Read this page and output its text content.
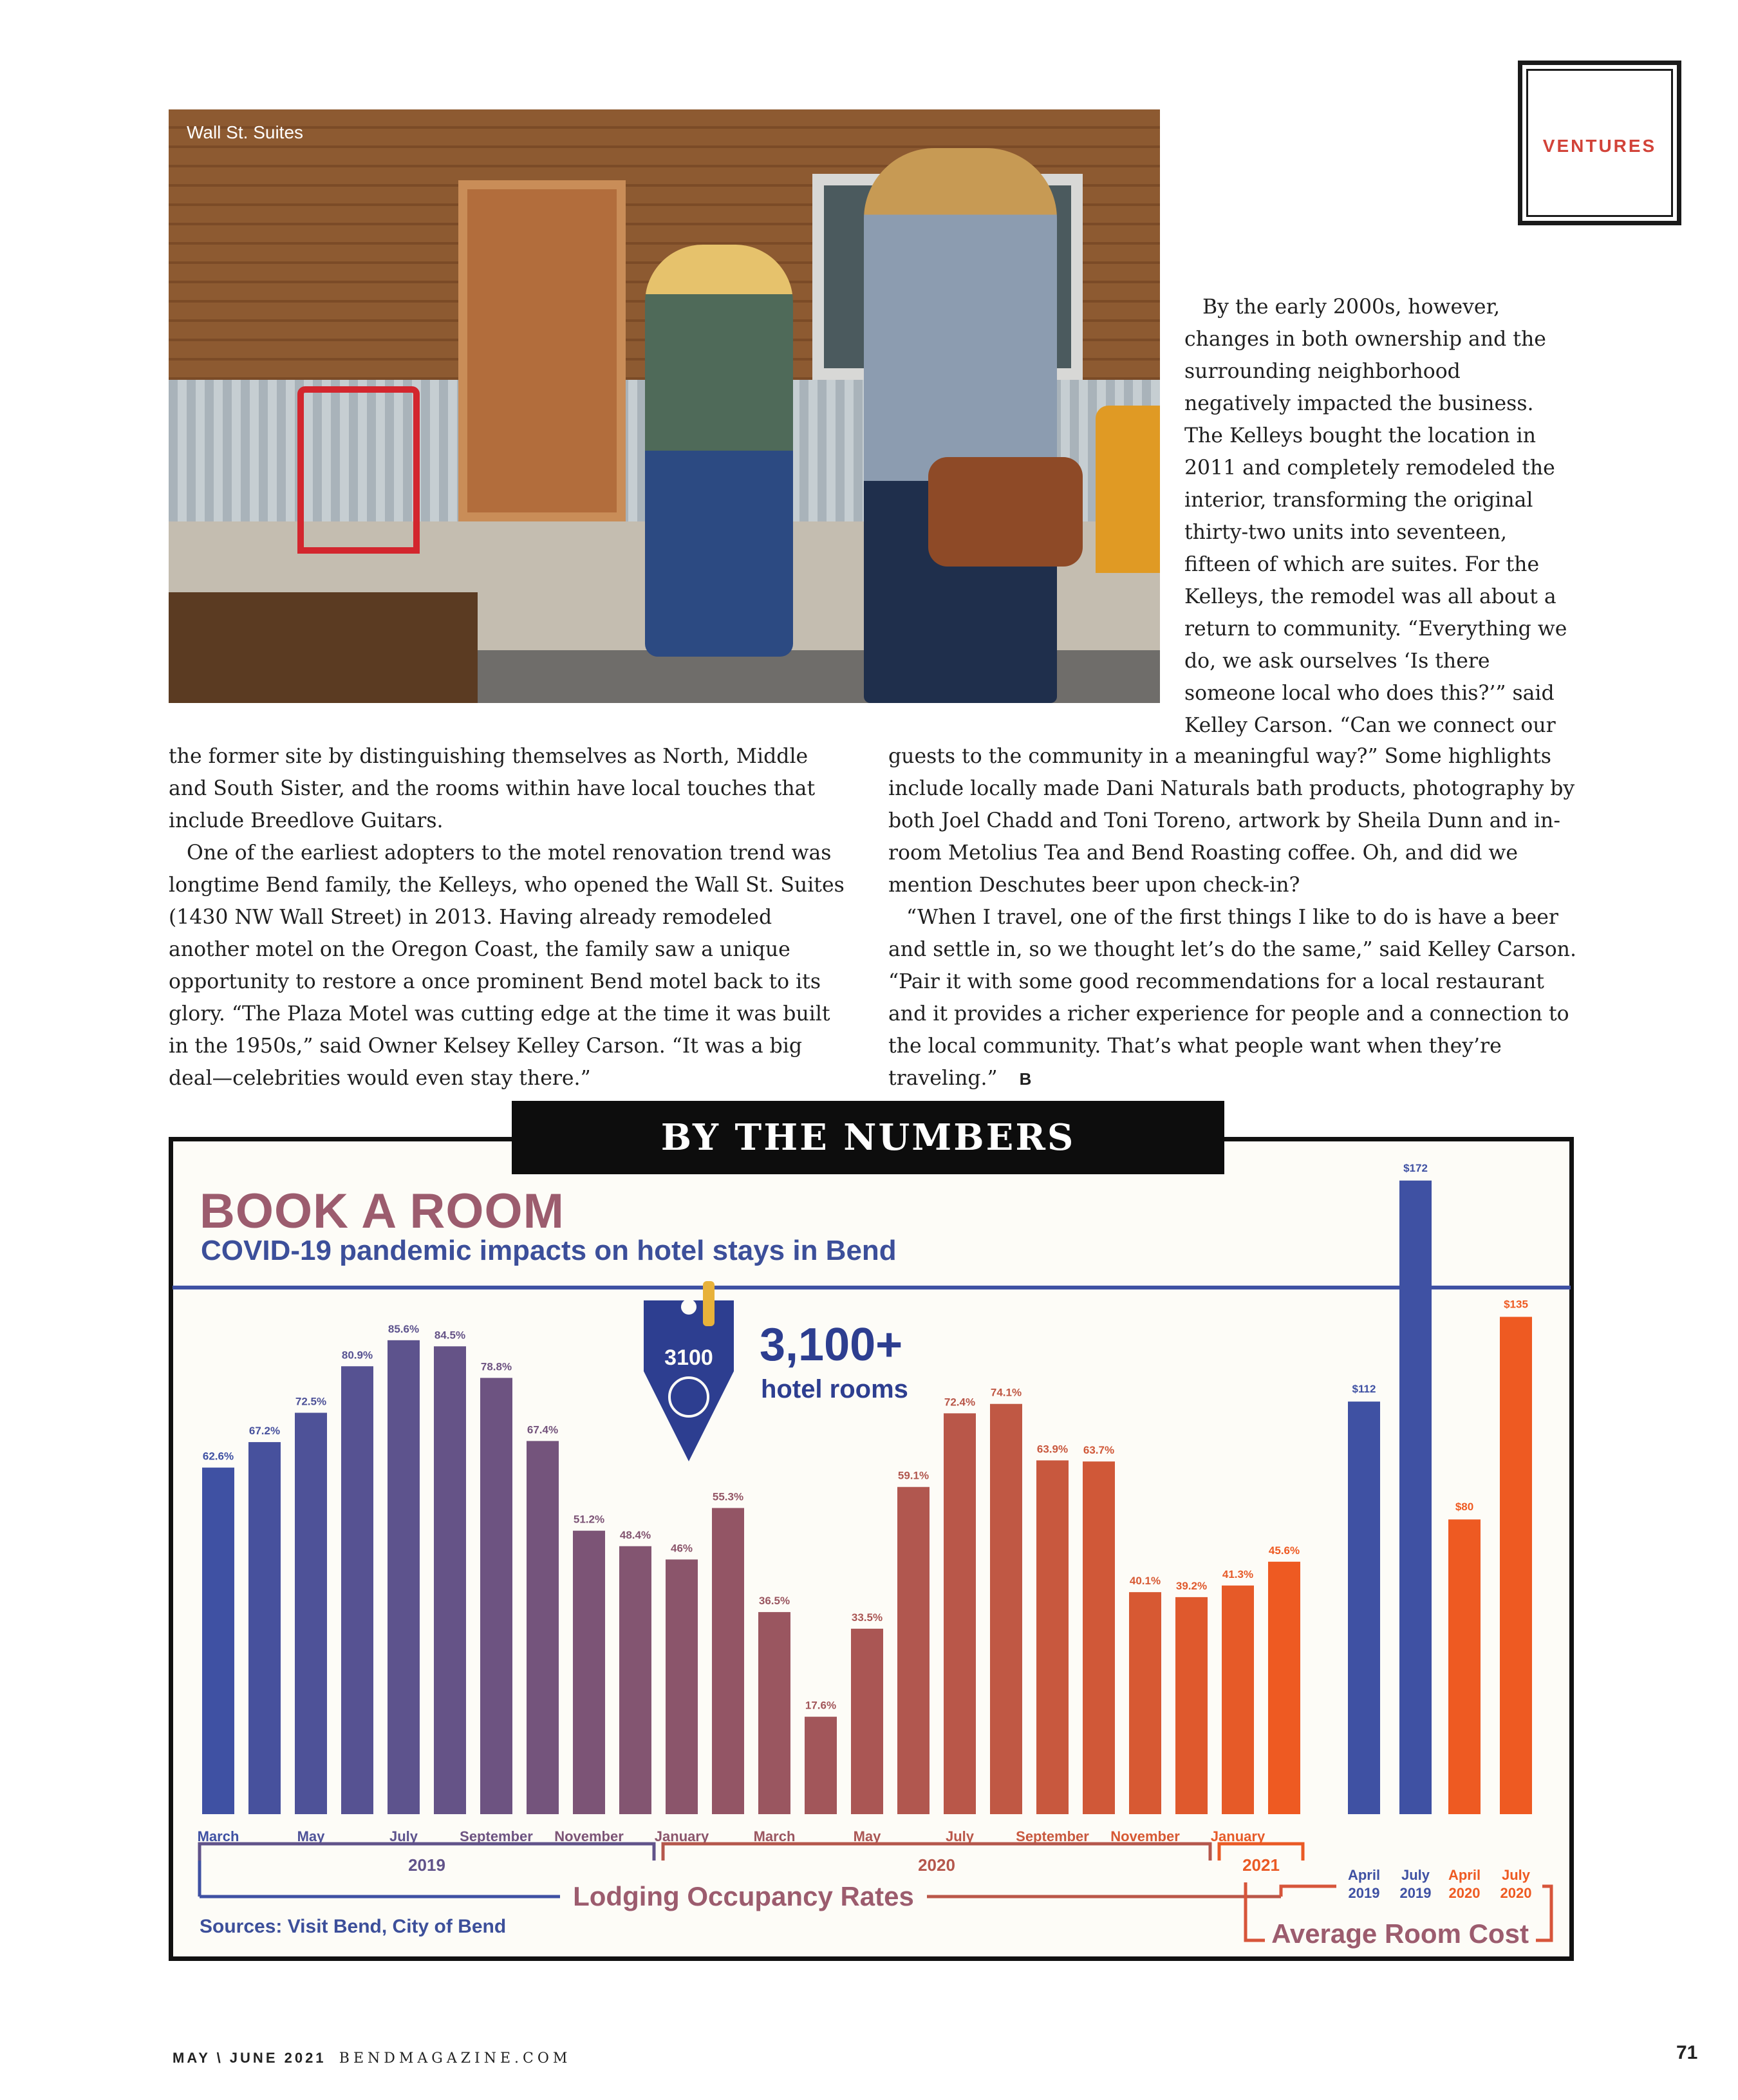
Wall St. Suites
VENTURES

By the early 2000s, however, changes in both ownership and the surrounding neighborhood negatively impacted the business. The Kelleys bought the location in 2011 and completely remodeled the interior, transforming the original thirty-two units into seventeen, fifteen of which are suites. For the Kelleys, the remodel was all about a return to community. “Everything we do, we ask ourselves ‘Is there someone local who does this?’” said Kelley Carson. “Can we connect our

the former site by distinguishing themselves as North, Middle and South Sister, and the rooms within have local touches that include Breedlove Guitars.

One of the earliest adopters to the motel renovation trend was longtime Bend family, the Kelleys, who opened the Wall St. Suites (1430 NW Wall Street) in 2013. Having already remodeled another motel on the Oregon Coast, the family saw a unique opportunity to restore a once prominent Bend motel back to its glory. “The Plaza Motel was cutting edge at the time it was built in the 1950s,” said Owner Kelsey Kelley Carson. “It was a big deal—celebrities would even stay there.”

guests to the community in a meaningful way?” Some highlights include locally made Dani Naturals bath products, photography by both Joel Chadd and Toni Toreno, artwork by Sheila Dunn and in-room Metolius Tea and Bend Roasting coffee. Oh, and did we mention Deschutes beer upon check-in?

“When I travel, one of the first things I like to do is have a beer and settle in, so we thought let’s do the same,” said Kelley Carson. “Pair it with some good recommendations for a local restaurant and it provides a richer experience for people and a connection to the local community. That’s what people want when they’re traveling.” B

BY THE NUMBERS
3100
62.6%
67.2%
72.5%
80.9%
85.6% 84.5%
78.8%
67.4%
51.2%
48.4%
46%
55.3%
36.5%
17.6%
33.5%
59.1%
72.4%
74.1%
63.9% 63.7%
40.1% 39.2%
41.3%
45.6%
March	May	July	September November January	March	May	July	September November January
2019	2020	2021
Lodging Occupancy Rates
$112
April
2019
$172
July
2019
$80
April
2020
$135
July
2020
Average Room Cost
BOOK A ROOM
COVID-19 pandemic impacts on hotel stays in Bend
3,100+
hotel rooms
Sources: Visit Bend, City of Bend
MAY \ JUNE 2021 BENDMAGAZINE.COM	71
